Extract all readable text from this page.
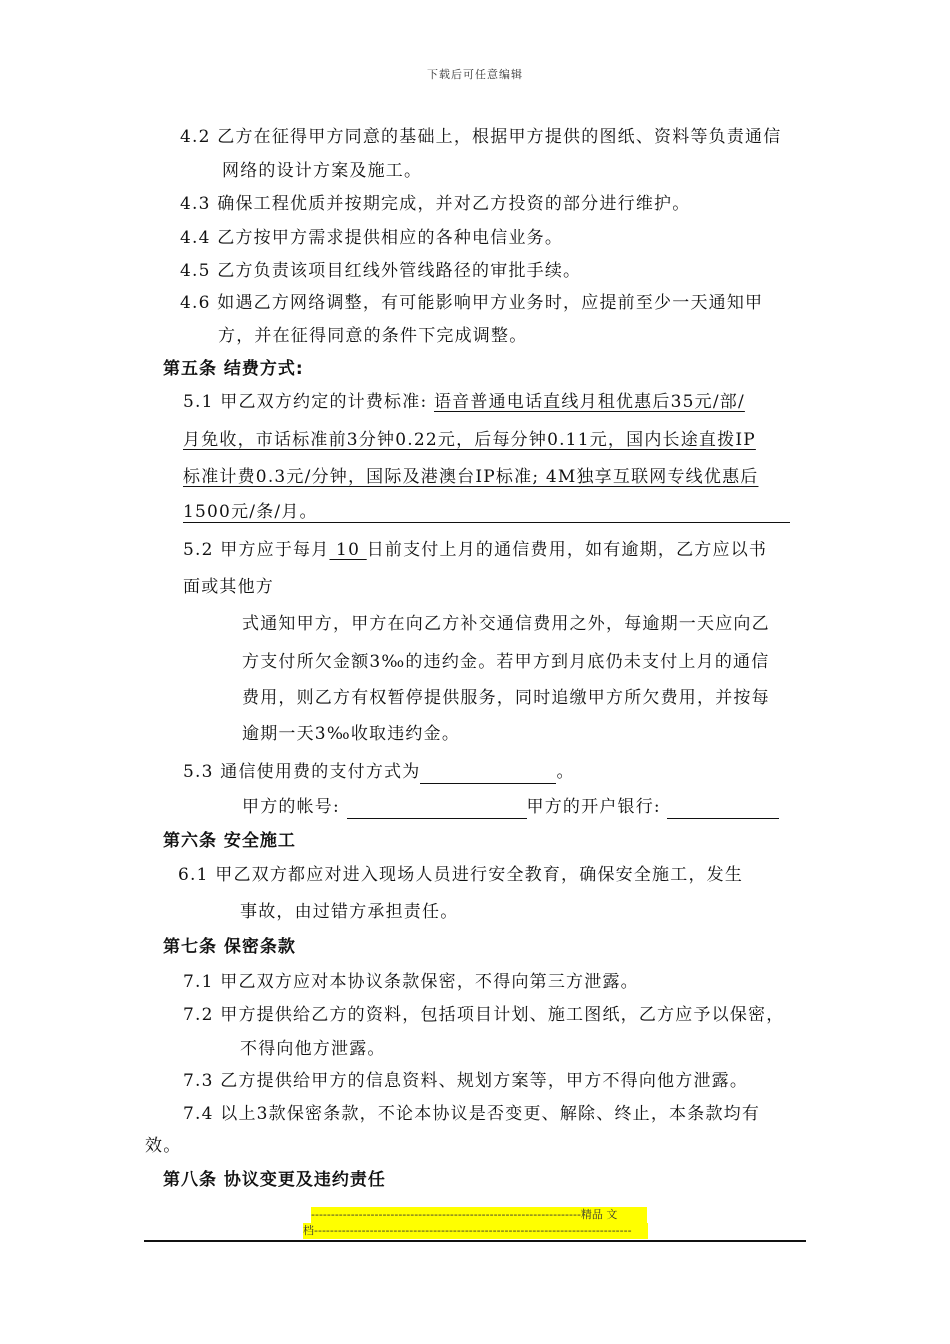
下载后可任意编辑
4.2 乙方在征得甲方同意的基础上，根据甲方提供的图纸、资料等负责通信
网络的设计方案及施工。
4.3 确保工程优质并按期完成，并对乙方投资的部分进行维护。
4.4 乙方按甲方需求提供相应的各种电信业务。
4.5 乙方负责该项目红线外管线路径的审批手续。
4.6 如遇乙方网络调整，有可能影响甲方业务时，应提前至少一天通知甲
方，并在征得同意的条件下完成调整。
第五条 结费方式:
5.1 甲乙双方约定的计费标准: 语音普通电话直线月租优惠后35元/部/
月免收，市话标准前3分钟0.22元，后每分钟0.11元，国内长途直拨IP
标准计费0.3元/分钟，国际及港澳台IP标准; 4M独享互联网专线优惠后
1500元/条/月。
5.2 甲方应于每月 10 日前支付上月的通信费用，如有逾期，乙方应以书
面或其他方
式通知甲方，甲方在向乙方补交通信费用之外，每逾期一天应向乙
方支付所欠金额3‰的违约金。若甲方到月底仍未支付上月的通信
费用，则乙方有权暂停提供服务，同时追缴甲方所欠费用，并按每
逾期一天3‰收取违约金。
5.3 通信使用费的支付方式为	。
甲方的帐号:	甲方的开户银行:
第六条 安全施工
6.1 甲乙双方都应对进入现场人员进行安全教育，确保安全施工，发生
事故，由过错方承担责任。
第七条 保密条款
7.1 甲乙双方应对本协议条款保密，不得向第三方泄露。
7.2 甲方提供给乙方的资料，包括项目计划、施工图纸，乙方应予以保密，
不得向他方泄露。
7.3 乙方提供给甲方的信息资料、规划方案等，甲方不得向他方泄露。
7.4 以上3款保密条款，不论本协议是否变更、解除、终止，本条款均有
效。
第八条 协议变更及违约责任
--------------------------------------------------------------------精品 文
档--------------------------------------------------------------------------------
